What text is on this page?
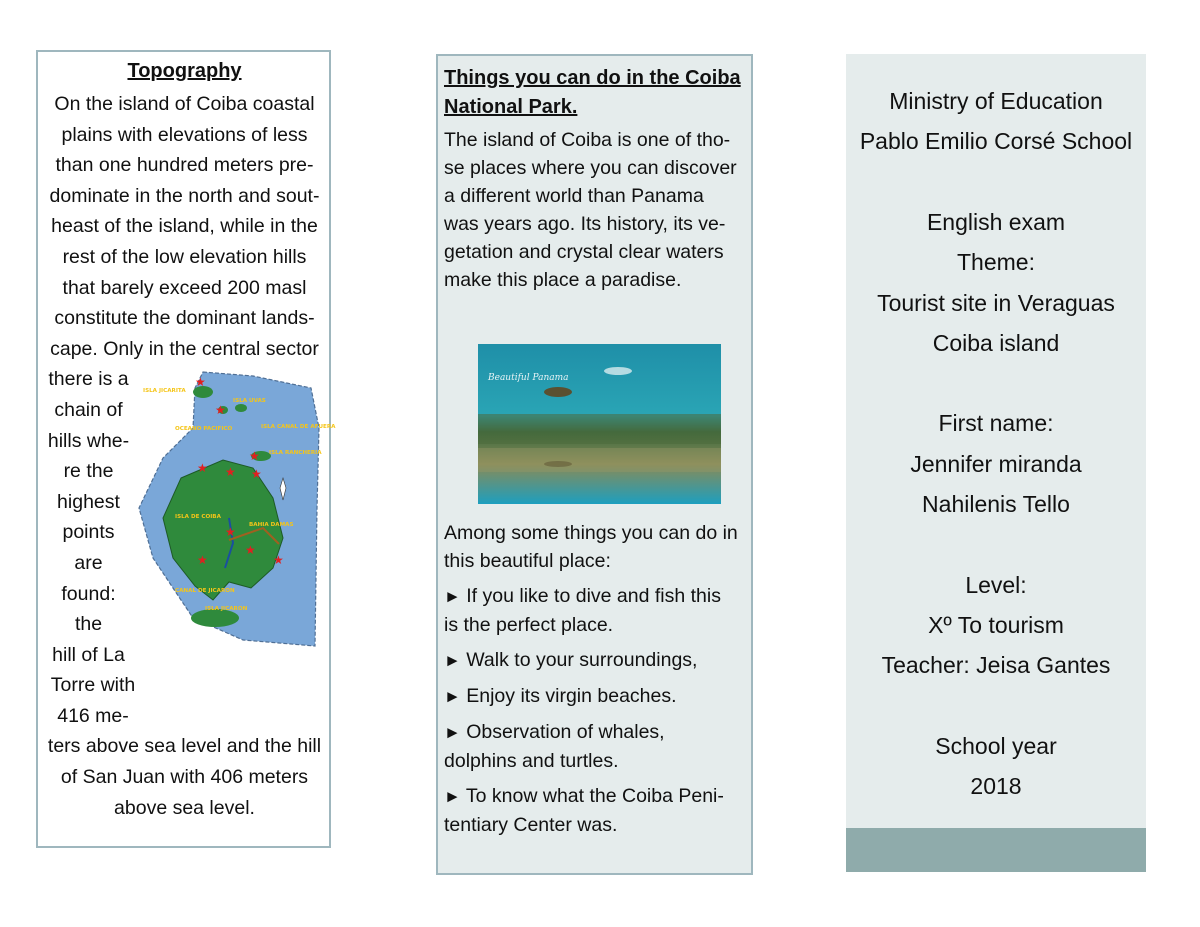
Topography
On the island of Coiba coastal
plains with elevations of less
than one hundred meters pre-
dominate in the north and sout-
heast of the island, while in the
rest of the low elevation hills
that barely exceed 200 masl
constitute the dominant lands-
cape. Only in the central sector
★
★
★
★
★	★
★
★
★
★
ISLA JICARITA
ISLA UVAS
OCEANO PACIFICO	ISLA CANAL DE AFUERA
ISLA RANCHERIA
ISLA DE COIBA
BAHIA DAMAS
CANAL DE JICARON
ISLA JICARON
there is a
chain of
hills whe-
re the
highest
points are
found: the
hill of La
Torre with
416 me-
ters above sea level and the hill
of San Juan with 406 meters
above sea level.
Things you can do in the Coiba National Park.
The island of Coiba is one of tho-
se places where you can discover
a different world than Panama
was years ago. Its history, its ve-
getation and crystal clear waters
make this place a paradise.
Beautiful Panama
Among some things you can do in
this beautiful place:
► If you like to dive and fish this
is the perfect place.
► Walk to your surroundings,
► Enjoy its virgin beaches.
► Observation of whales,
dolphins and turtles.
► To know what the Coiba Peni-
tentiary Center was.
Ministry of Education
Pablo Emilio Corsé School
English exam
Theme:
Tourist site in Veraguas
Coiba island
First name:
Jennifer miranda
Nahilenis Tello
Level:
Xº To tourism
Teacher: Jeisa Gantes
School year
2018
